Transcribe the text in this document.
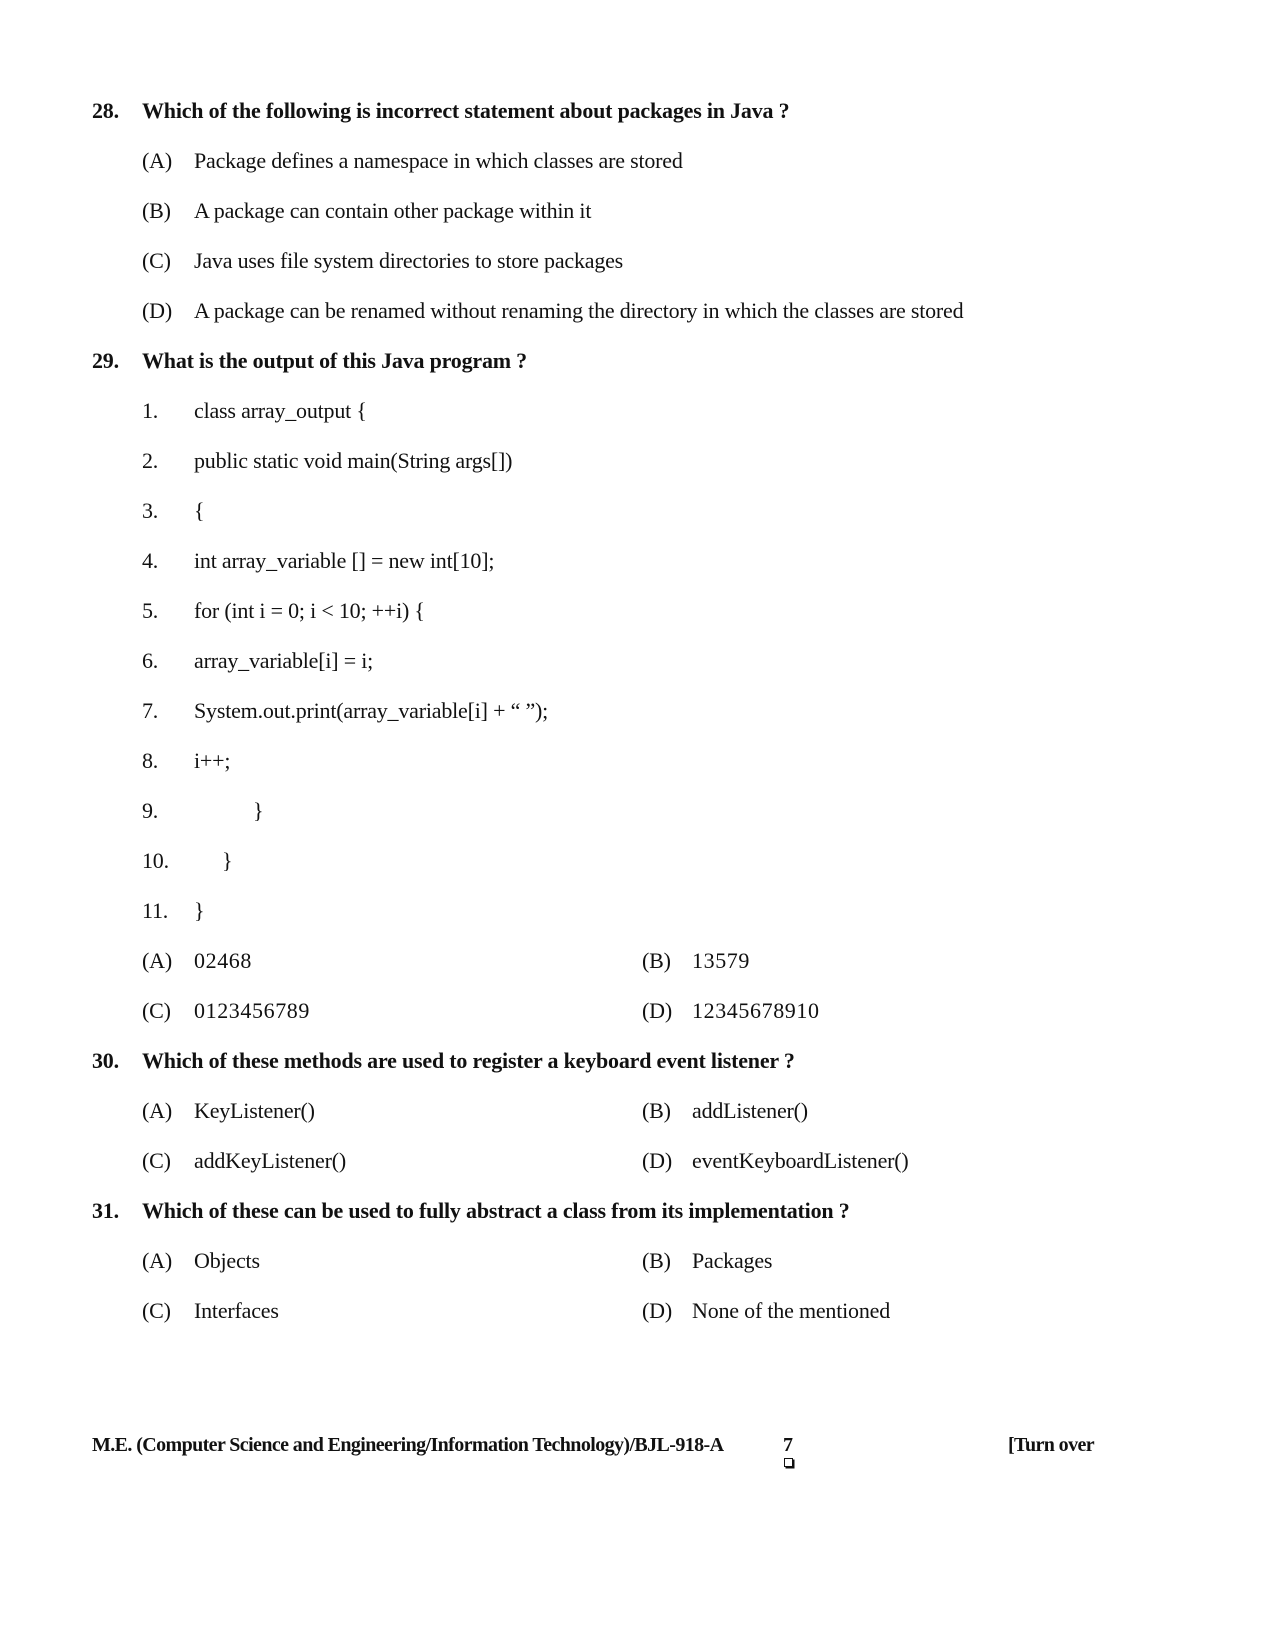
28. Which of the following is incorrect statement about packages in Java ?
(A) Package defines a namespace in which classes are stored
(B) A package can contain other package within it
(C) Java uses file system directories to store packages
(D) A package can be renamed without renaming the directory in which the classes are stored
29. What is the output of this Java program ?
1. class array_output {
2. public static void main(String args[])
3. {
4. int array_variable [] = new int[10];
5. for (int i = 0; i < 10; ++i) {
6. array_variable[i] = i;
7. System.out.print(array_variable[i] + “ ”);
8. i++;
9.	}
10. }
11. }
(A) 02468	(B) 13579
(C) 0123456789	(D) 12345678910
30. Which of these methods are used to register a keyboard event listener ?
(A) KeyListener()	(B) addListener()
(C) addKeyListener()	(D) eventKeyboardListener()
31. Which of these can be used to fully abstract a class from its implementation ?
(A) Objects	(B) Packages
(C) Interfaces	(D) None of the mentioned
M.E. (Computer Science and Engineering/Information Technology)/BJL-918-A	7	[Turn over
